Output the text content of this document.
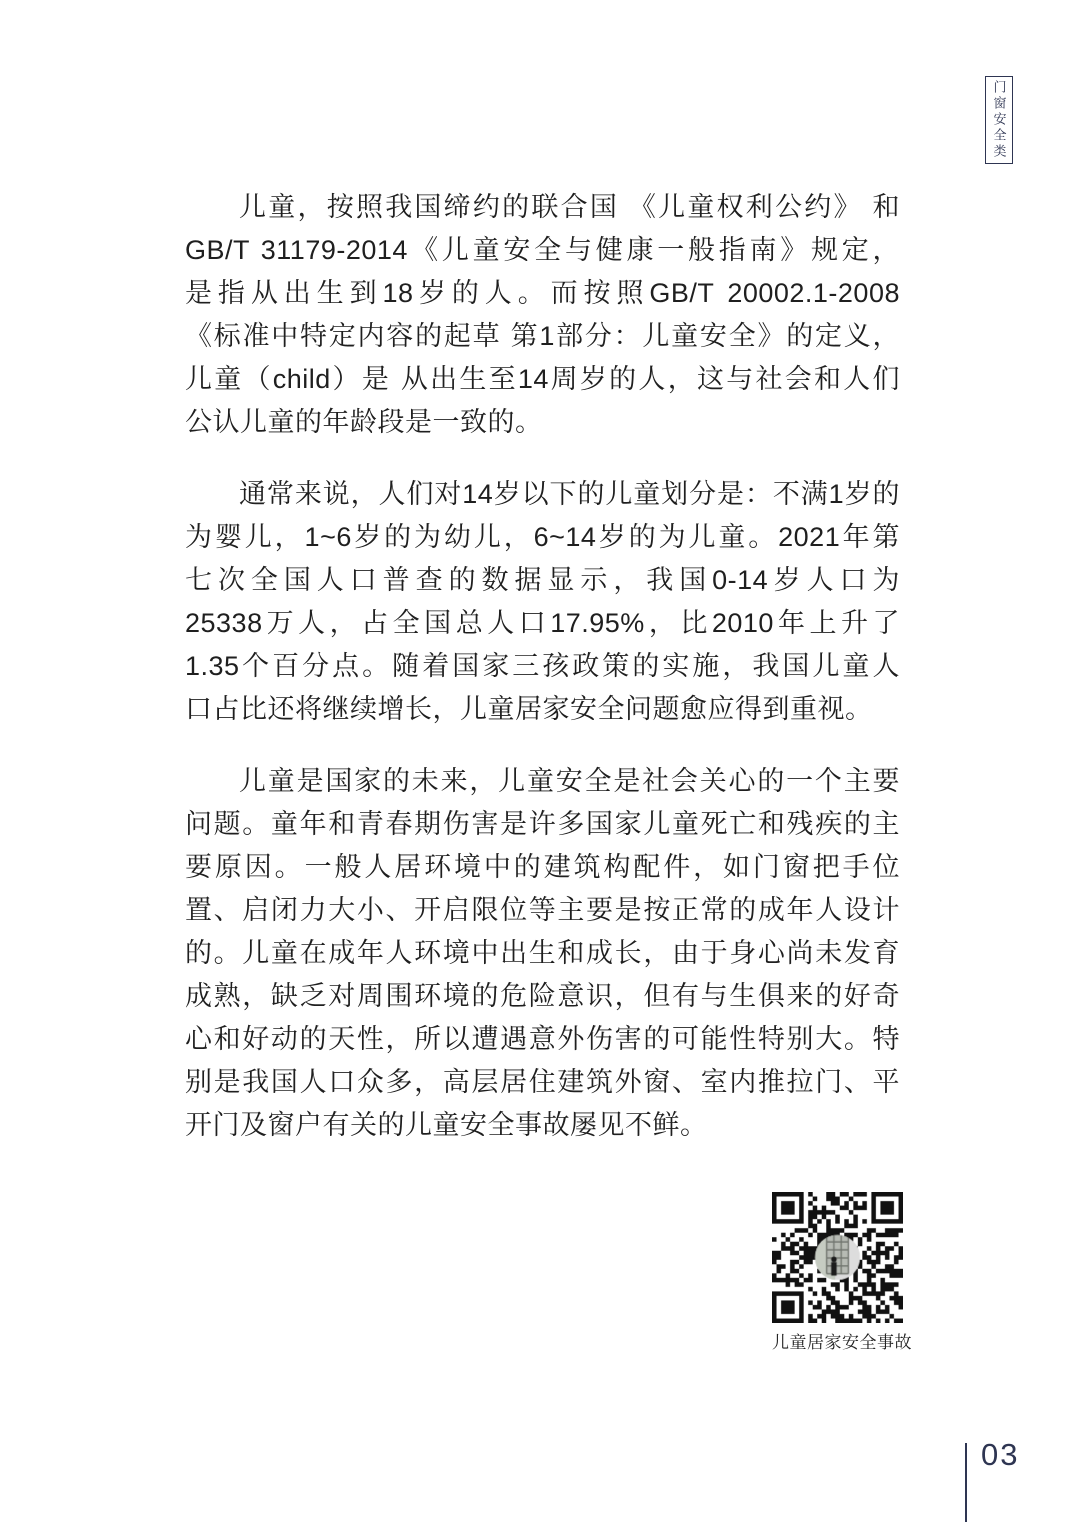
门窗安全类
儿童，按照我国缔约的联合国 《儿童权利公约》 和
GB/T 31179-2014《儿童安全与健康一般指南》规定，
是指从出生到18岁的人。而按照GB/T 20002.1-2008
《标准中特定内容的起草 第1部分：儿童安全》的定义，
儿童（child）是 从出生至14周岁的人，这与社会和人们
公认儿童的年龄段是一致的。
通常来说，人们对14岁以下的儿童划分是：不满1岁的
为婴儿，1~6岁的为幼儿，6~14岁的为儿童。2021年第
七次全国人口普查的数据显示，我国0-14岁人口为
25338万人，占全国总人口17.95%，比2010年上升了
1.35个百分点。随着国家三孩政策的实施，我国儿童人
口占比还将继续增长，儿童居家安全问题愈应得到重视。
儿童是国家的未来，儿童安全是社会关心的一个主要
问题。童年和青春期伤害是许多国家儿童死亡和残疾的主
要原因。一般人居环境中的建筑构配件，如门窗把手位
置、启闭力大小、开启限位等主要是按正常的成年人设计
的。儿童在成年人环境中出生和成长，由于身心尚未发育
成熟，缺乏对周围环境的危险意识，但有与生俱来的好奇
心和好动的天性，所以遭遇意外伤害的可能性特别大。特
别是我国人口众多，高层居住建筑外窗、室内推拉门、平
开门及窗户有关的儿童安全事故屡见不鲜。
儿童居家安全事故
03
